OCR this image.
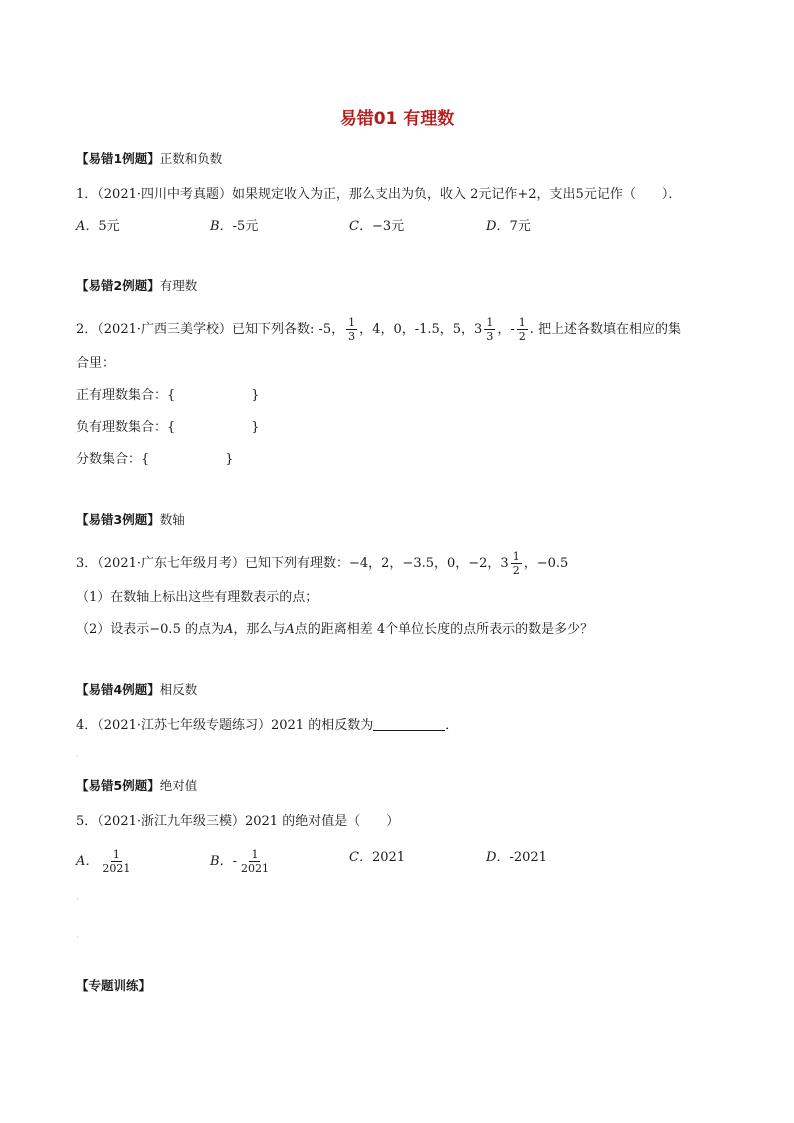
易错01 有理数
【易错1例题】正数和负数
1．（2021·四川中考真题）如果规定收入为正，那么支出为负，收入 2元记作+2，支出5元记作（　　）．
A．5元	B．-5元	C．−3元	D．7元
【易错2例题】有理数
2．（2021·广西三美学校）已知下列各数: -5， $\frac{1}{3}$ ，4，0，-1.5，5，$3 \frac{1}{3}$ ，- $\frac{1}{2}$ . 把上述各数填在相应的集
合里：
正有理数集合：{	}
负有理数集合：{	}
分数集合：{	}
【易错3例题】数轴
3．（2021·广东七年级月考）已知下列有理数：−4，2，−3.5，0，−2，$3 \frac{1}{2}$ ，−0.5
（1）在数轴上标出这些有理数表示的点；
（2）设表示−0.5 的点为A，那么与A点的距离相差 4个单位长度的点所表示的数是多少？
【易错4例题】相反数
4．（2021·江苏七年级专题练习）2021 的相反数为	．
·
【易错5例题】绝对值
5．（2021·浙江九年级三模）2021 的绝对值是（　　）
A． $\frac{1}{2021}$	B．- $\frac{1}{2021}$	C．2021	D．-2021
·
·
【专题训练】
